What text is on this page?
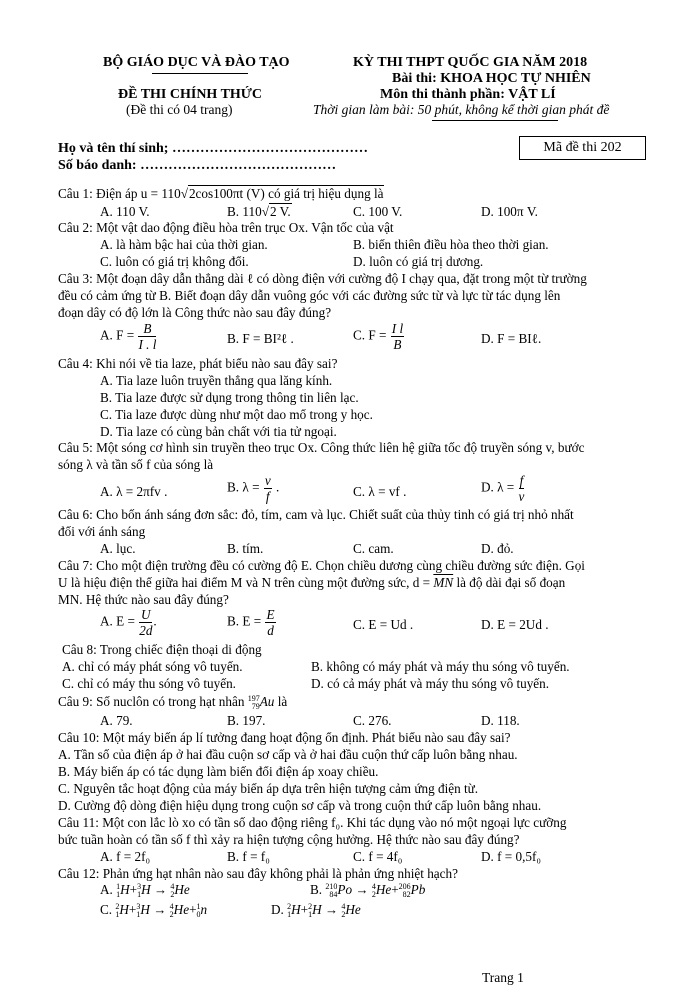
BỘ GIÁO DỤC VÀ ĐÀO TẠO
ĐỀ THI CHÍNH THỨC
(Đề thi có 04 trang)
KỲ THI THPT QUỐC GIA NĂM 2018
Bài thi: KHOA HỌC TỰ NHIÊN
Môn thi thành phần: VẬT LÍ
Thời gian làm bài: 50 phút, không kể thời gian phát đề
Họ và tên thí sinh; ……………………………………
Số báo danh: ……………………………………
Mã đề thi 202
Câu 1: Điện áp u = 110√2cos100πt (V) có giá trị hiệu dụng là
A. 110 V.	B. 110√2 V.	C. 100 V.	D. 100π V.
Câu 2: Một vật dao động điều hòa trên trục Ox. Vận tốc của vật
A. là hàm bậc hai của thời gian.	B. biến thiên điều hòa theo thời gian.
C. luôn có giá trị không đổi.	D. luôn có giá trị dương.
Câu 3: Một đoạn dây dẫn thẳng dài ℓ có dòng điện với cường độ I chạy qua, đặt trong một từ trường
đều có cảm ứng từ B. Biết đoạn dây dẫn vuông góc với các đường sức từ và lực từ tác dụng lên
đoạn dây có độ lớn là Công thức nào sau đây đúng?
A. $F = \frac{B}{I . l}$	B. F = BI²ℓ .	C. $F = \frac{\text{I l}}{B}$	D. F = BIℓ.
Câu 4: Khi nói về tia laze, phát biểu nào sau đây sai?
A. Tia laze luôn truyền thẳng qua lăng kính.
B. Tia laze được sử dụng trong thông tin liên lạc.
C. Tia laze được dùng như một dao mổ trong y học.
D. Tia laze có cùng bản chất với tia tử ngoại.
Câu 5: Một sóng cơ hình sin truyền theo trục Ox. Công thức liên hệ giữa tốc độ truyền sóng v, bước
sóng λ và tần số f của sóng là
A. λ = 2πfv .	B. $\lambda = \frac{v}{f}$ .	C. λ = vf .	D. $\lambda = \frac{f}{v}$
Câu 6: Cho bốn ánh sáng đơn sắc: đỏ, tím, cam và lục. Chiết suất của thủy tinh có giá trị nhỏ nhất
đối với ánh sáng
A. lục.	B. tím.	C. cam.	D. đỏ.
Câu 7: Cho một điện trường đều có cường độ E. Chọn chiều dương cùng chiều đường sức điện. Gọi
U là hiệu điện thế giữa hai điểm M và N trên cùng một đường sức, $d = \overline{MN}$ là độ dài đại số đoạn
MN. Hệ thức nào sau đây đúng?
A. $E = \frac{U}{2d}$ .	B. $E = \frac{E}{d}$	C. E = Ud .	D. E = 2Ud .
Câu 8: Trong chiếc điện thoại di động
A. chỉ có máy phát sóng vô tuyến.	B. không có máy phát và máy thu sóng vô tuyến.
C. chỉ có máy thu sóng vô tuyến.	D. có cả máy phát và máy thu sóng vô tuyến.
Câu 9: Số nuclôn có trong hạt nhân 197
79 Au là
A. 79.	B. 197.	C. 276.	D. 118.
Câu 10: Một máy biến áp lí tưởng đang hoạt động ổn định. Phát biểu nào sau đây sai?
A. Tần số của điện áp ở hai đầu cuộn sơ cấp và ở hai đầu cuộn thứ cấp luôn bằng nhau.
B. Máy biến áp có tác dụng làm biến đổi điện áp xoay chiều.
C. Nguyên tắc hoạt động của máy biến áp dựa trên hiện tượng cảm ứng điện từ.
D. Cường độ dòng điện hiệu dụng trong cuộn sơ cấp và trong cuộn thứ cấp luôn bằng nhau.
Câu 11: Một con lắc lò xo có tần số dao động riêng f₀. Khi tác dụng vào nó một ngoại lực cưỡng
bức tuần hoàn có tần số f thì xảy ra hiện tượng cộng hưởng. Hệ thức nào sau đây đúng?
A. f = 2f₀	B. f = f₀	C. f = 4f₀	D. f = 0,5f₀
Câu 12: Phản ứng hạt nhân nào sau đây không phải là phản ứng nhiệt hạch?
A. 1
1 H+ 3
1 H → 4
2 He	B. 210
84 Po → 4
2 He+ 206
82 Pb
C. 2
1 H+ 3
1 H → 4
2 He+ 1
0 n	D. 2
1 H+ 2
1 H → 4
2 He
Trang 1
